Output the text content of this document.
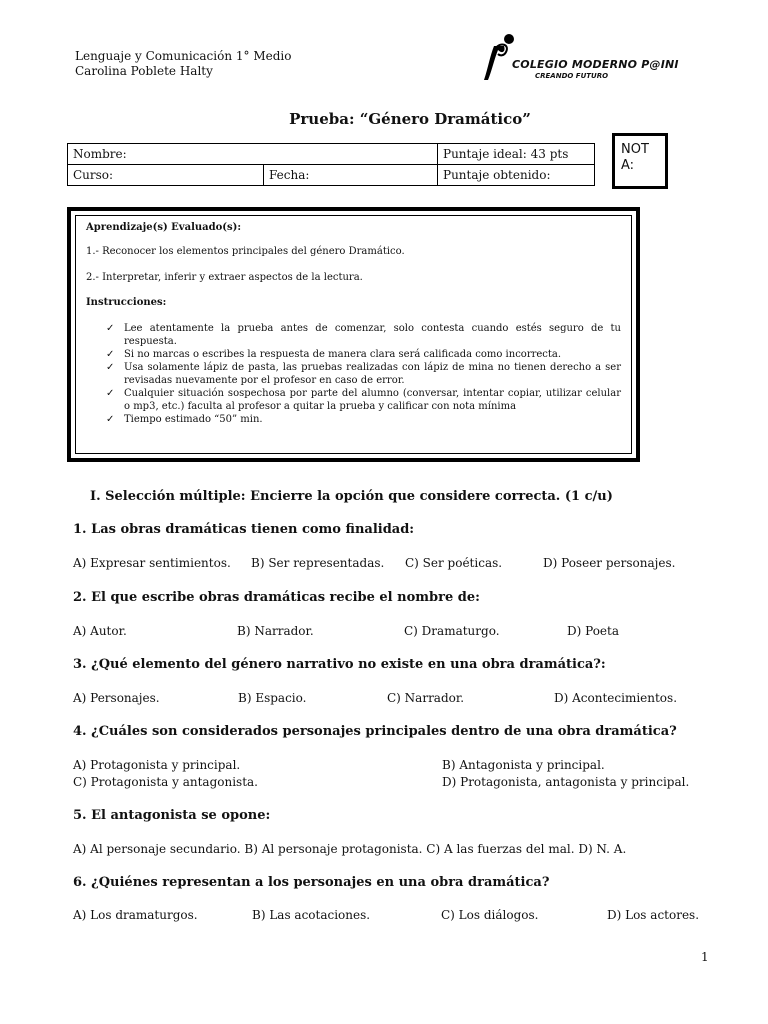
Lenguaje y Comunicación 1° Medio
Carolina Poblete Halty	COLEGIO MODERNO P@INI
CREANDO FUTURO
Prueba: “Género Dramático”
Nombre:		Puntaje ideal: 43 pts
Curso:	Fecha:	Puntaje obtenido:
NOT
A:

Aprendizaje(s) Evaluado(s):

1.- Reconocer los elementos principales del género Dramático.

2.- Interpretar, inferir y extraer aspectos de la lectura.

Instrucciones:

✓ Lee atentamente la prueba antes de comenzar, solo contesta cuando estés seguro de tu respuesta.
✓ Si no marcas o escribes la respuesta de manera clara será calificada como incorrecta.
✓ Usa solamente lápiz de pasta, las pruebas realizadas con lápiz de mina no tienen derecho a ser revisadas nuevamente por el profesor en caso de error.
✓ Cualquier situación sospechosa por parte del alumno (conversar, intentar copiar, utilizar celular o mp3, etc.) faculta al profesor a quitar la prueba y calificar con nota mínima
✓ Tiempo estimado “50” min.
I. Selección múltiple: Encierre la opción que considere correcta. (1 c/u)
1. Las obras dramáticas tienen como finalidad:
A) Expresar sentimientos. B) Ser representadas. C) Ser poéticas.	D) Poseer personajes.
2. El que escribe obras dramáticas recibe el nombre de:
A) Autor.	B) Narrador.	C) Dramaturgo.	D) Poeta
3. ¿Qué elemento del género narrativo no existe en una obra dramática?:
A) Personajes.	B) Espacio.	C) Narrador.	D) Acontecimientos.
4. ¿Cuáles son considerados personajes principales dentro de una obra dramática?
A) Protagonista y principal.	B) Antagonista y principal.
C) Protagonista y antagonista.	D) Protagonista, antagonista y principal.
5. El antagonista se opone:
A) Al personaje secundario. B) Al personaje protagonista. C) A las fuerzas del mal. D) N. A.
6. ¿Quiénes representan a los personajes en una obra dramática?
A) Los dramaturgos.	B) Las acotaciones.	C) Los diálogos.	D) Los actores.
1
